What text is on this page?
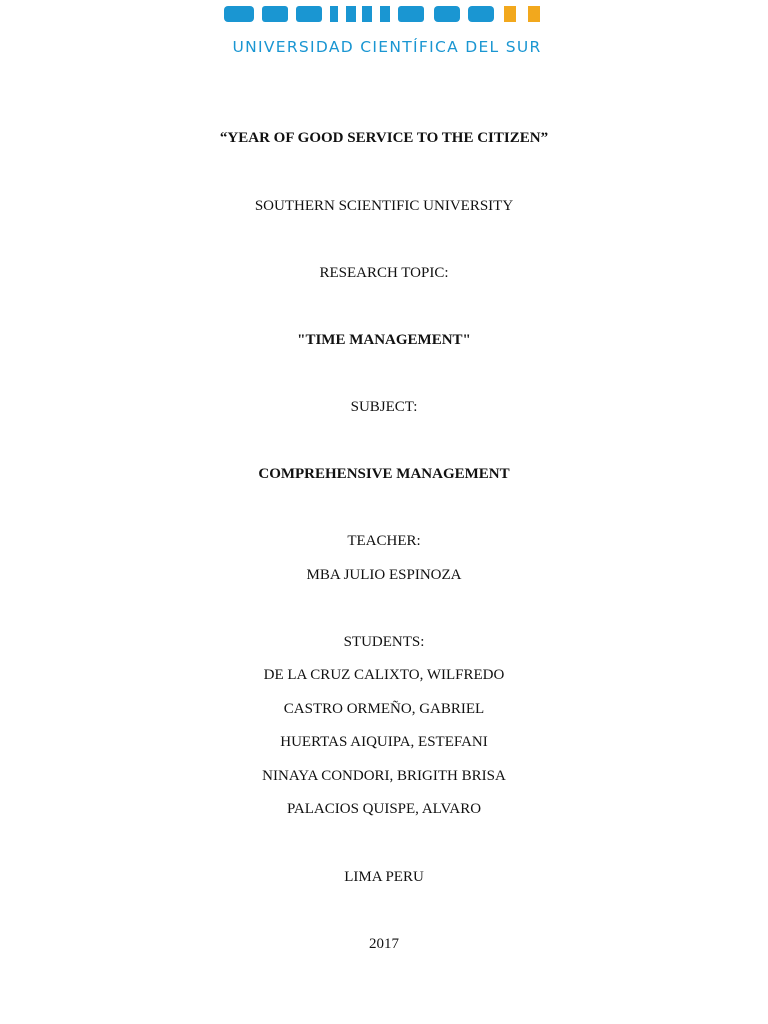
UNIVERSIDAD CIENTÍFICA DEL SUR
“YEAR OF GOOD SERVICE TO THE CITIZEN”
SOUTHERN SCIENTIFIC UNIVERSITY
RESEARCH TOPIC:
"TIME MANAGEMENT"
SUBJECT:
COMPREHENSIVE MANAGEMENT
TEACHER:
MBA JULIO ESPINOZA
STUDENTS:
DE LA CRUZ CALIXTO, WILFREDO
CASTRO ORMEÑO, GABRIEL
HUERTAS AIQUIPA, ESTEFANI
NINAYA CONDORI, BRIGITH BRISA
PALACIOS QUISPE, ALVARO
LIMA PERU
2017
